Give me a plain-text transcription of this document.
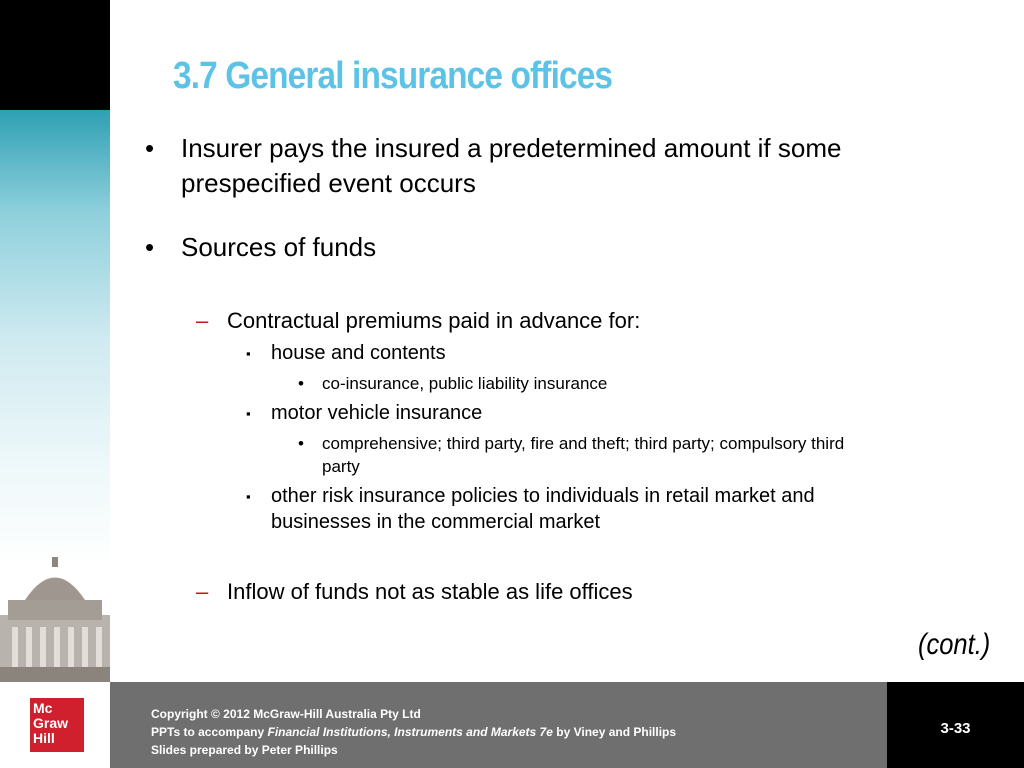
3.7 General insurance offices
• Insurer pays the insured a predetermined amount if some
prespecified event occurs
• Sources of funds
– Contractual premiums paid in advance for:
▪ house and contents
• co-insurance, public liability insurance
▪ motor vehicle insurance
• comprehensive; third party, fire and theft; third party; compulsory third
party
▪ other risk insurance policies to individuals in retail market and
businesses in the commercial market
– Inflow of funds not as stable as life offices
(cont.)
Mc
Graw
Hill
Copyright © 2012 McGraw-Hill Australia Pty Ltd
PPTs to accompany Financial Institutions, Instruments and Markets 7e by Viney and Phillips
Slides prepared by Peter Phillips
3-33
